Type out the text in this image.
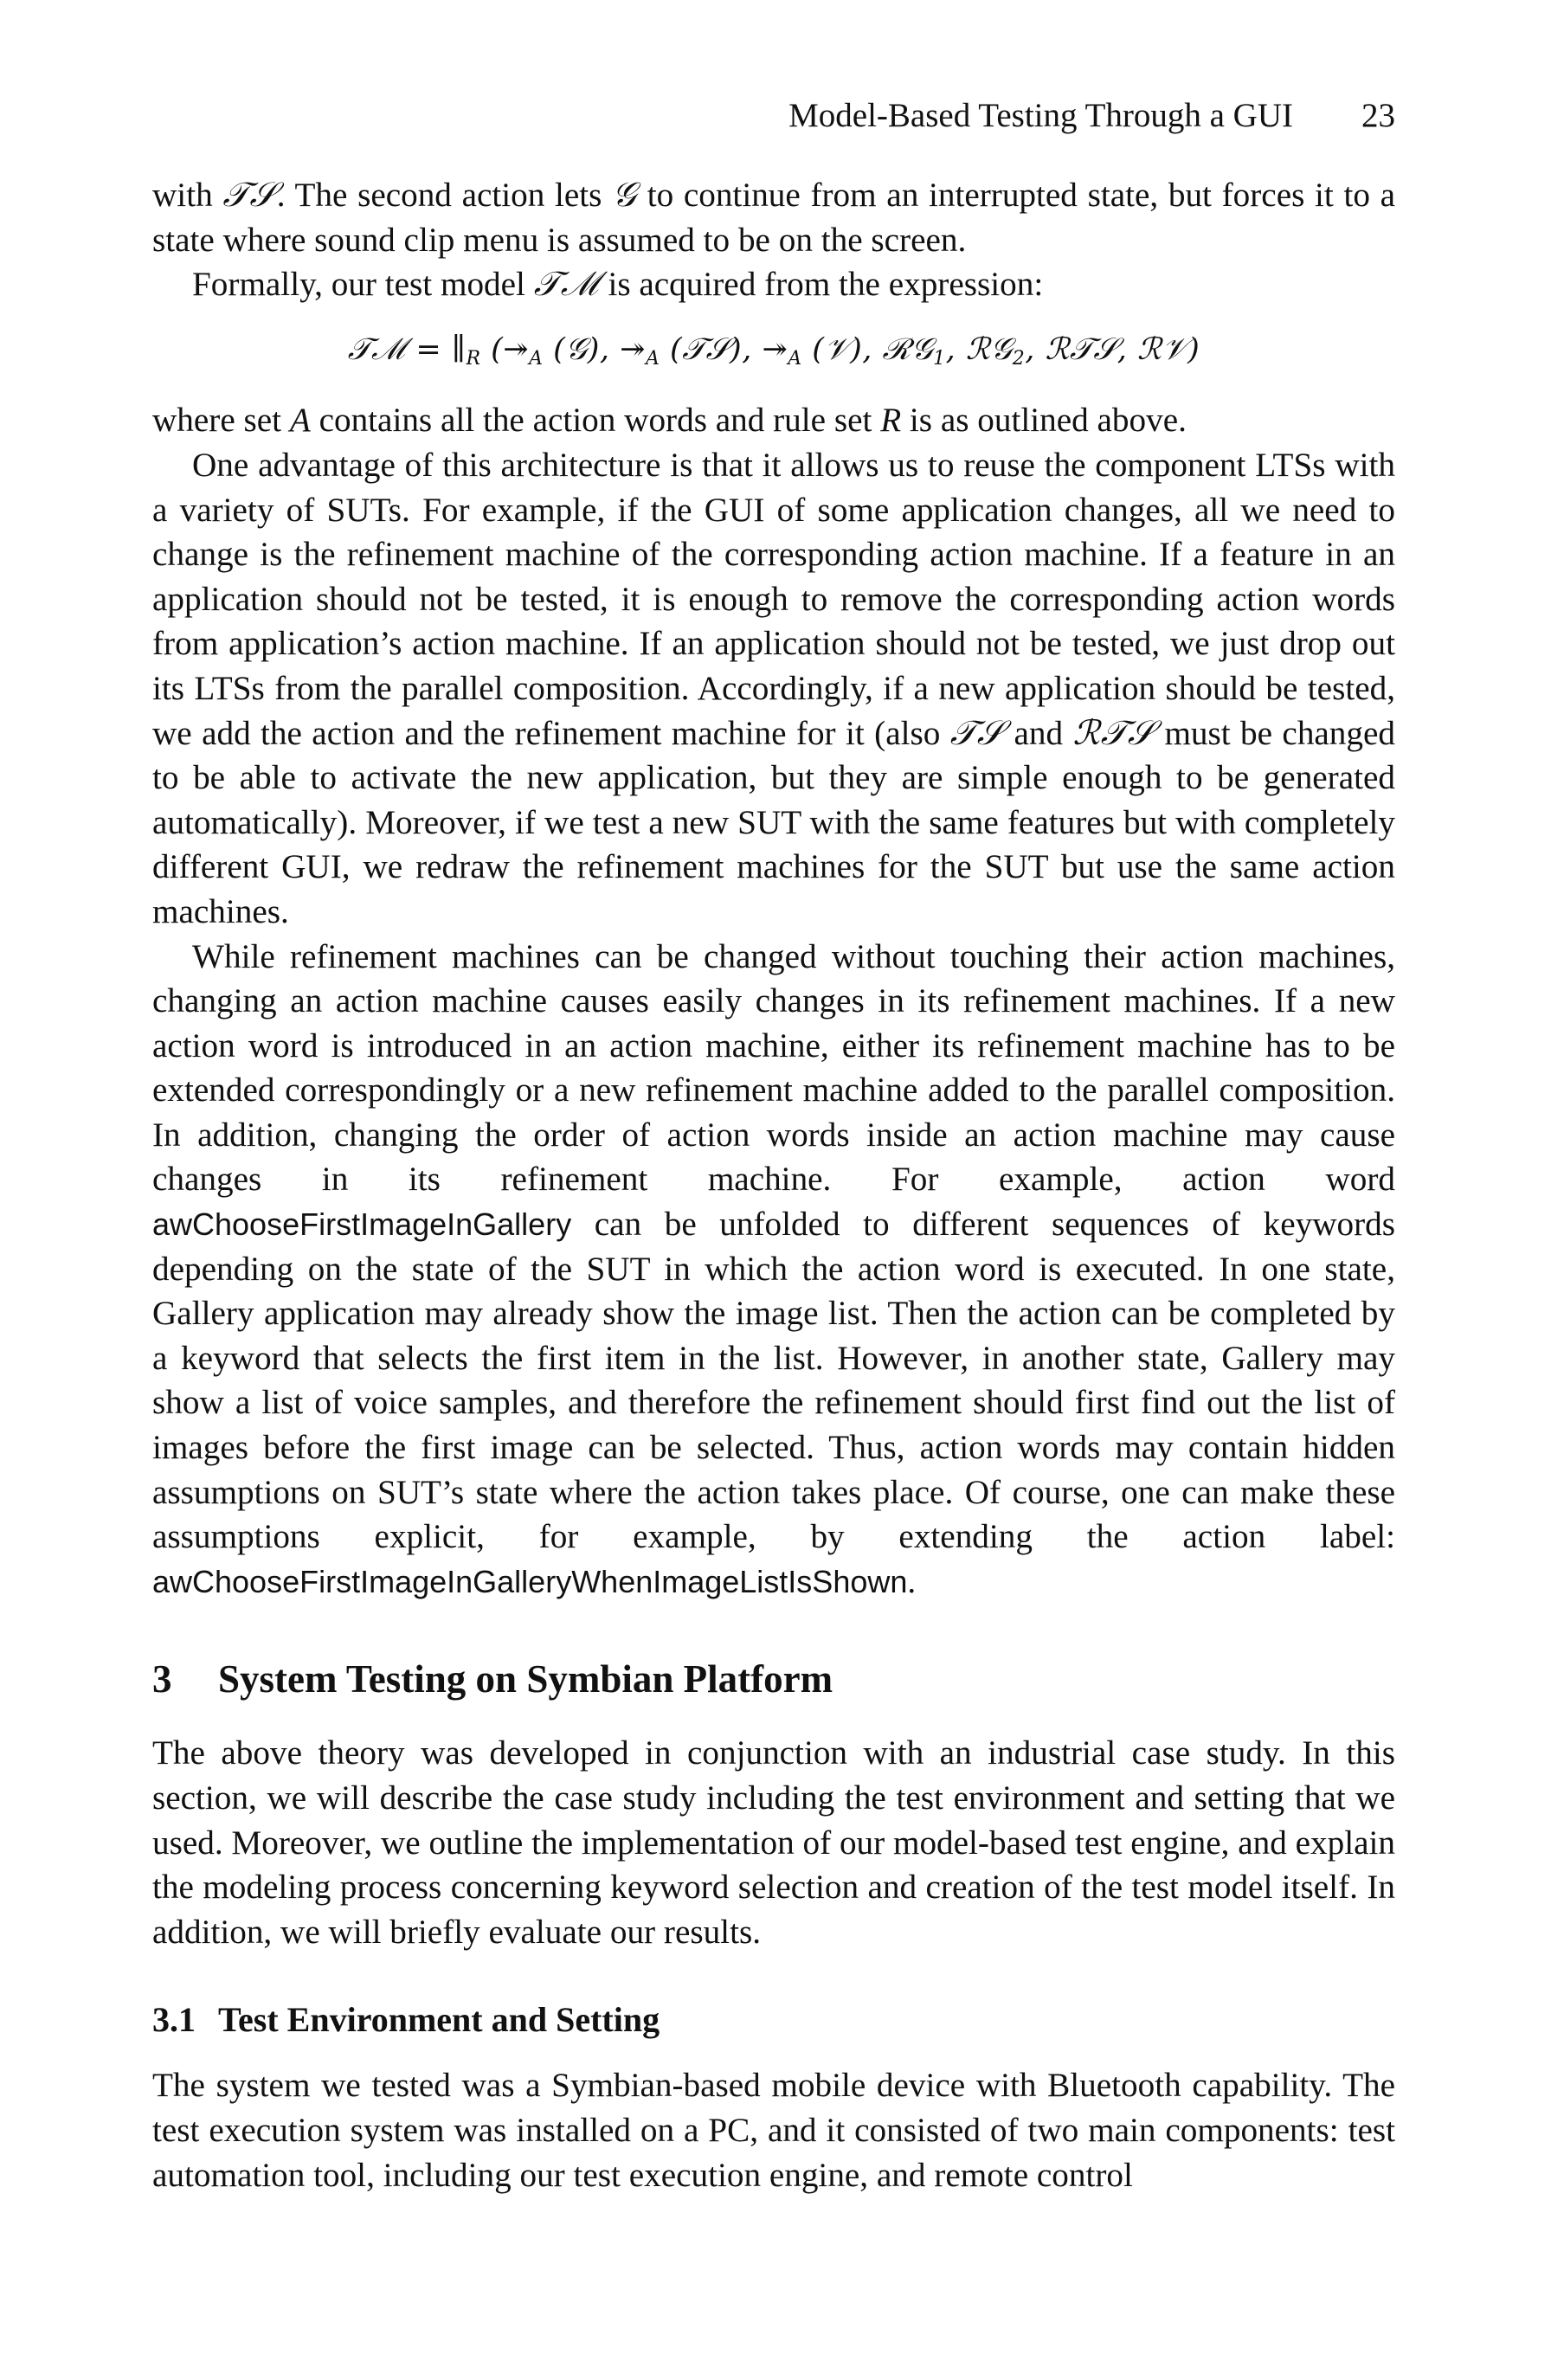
Model-Based Testing Through a GUI 23

with 𝒯𝒮. The second action lets 𝒢 to continue from an interrupted state, but forces it to a state where sound clip menu is assumed to be on the screen.

Formally, our test model 𝒯ℳ is acquired from the expression:

𝒯ℳ = $\parallel_R$ ($↠_A$ (𝒢), $↠_A$ (𝒯𝒮), $↠_A$ (𝒱), ℛ𝒢$_1$, ℛ𝒢$_2$, ℛ𝒯𝒮, ℛ𝒱)

where set A contains all the action words and rule set R is as outlined above.

One advantage of this architecture is that it allows us to reuse the component LTSs with a variety of SUTs. For example, if the GUI of some application changes, all we need to change is the refinement machine of the corresponding action machine. If a feature in an application should not be tested, it is enough to remove the corresponding action words from application’s action machine. If an application should not be tested, we just drop out its LTSs from the parallel composition. Accordingly, if a new application should be tested, we add the action and the refinement machine for it (also 𝒯𝒮 and ℛ𝒯𝒮 must be changed to be able to activate the new application, but they are simple enough to be generated automatically). Moreover, if we test a new SUT with the same features but with completely different GUI, we redraw the refinement machines for the SUT but use the same action machines.

While refinement machines can be changed without touching their action machines, changing an action machine causes easily changes in its refinement machines. If a new action word is introduced in an action machine, either its refinement machine has to be extended correspondingly or a new refinement machine added to the parallel composition. In addition, changing the order of action words inside an action machine may cause changes in its refinement machine. For example, action word awChooseFirstImageInGallery can be unfolded to different sequences of keywords depending on the state of the SUT in which the action word is executed. In one state, Gallery application may already show the image list. Then the action can be completed by a keyword that selects the first item in the list. However, in another state, Gallery may show a list of voice samples, and therefore the refinement should first find out the list of images before the first image can be selected. Thus, action words may contain hidden assumptions on SUT’s state where the action takes place. Of course, one can make these assumptions explicit, for example, by extending the action label: awChooseFirstImageInGalleryWhenImageListIsShown.

3 System Testing on Symbian Platform

The above theory was developed in conjunction with an industrial case study. In this section, we will describe the case study including the test environment and setting that we used. Moreover, we outline the implementation of our model-based test engine, and explain the modeling process concerning keyword selection and creation of the test model itself. In addition, we will briefly evaluate our results.

3.1 Test Environment and Setting

The system we tested was a Symbian-based mobile device with Bluetooth capability. The test execution system was installed on a PC, and it consisted of two main components: test automation tool, including our test execution engine, and remote control
